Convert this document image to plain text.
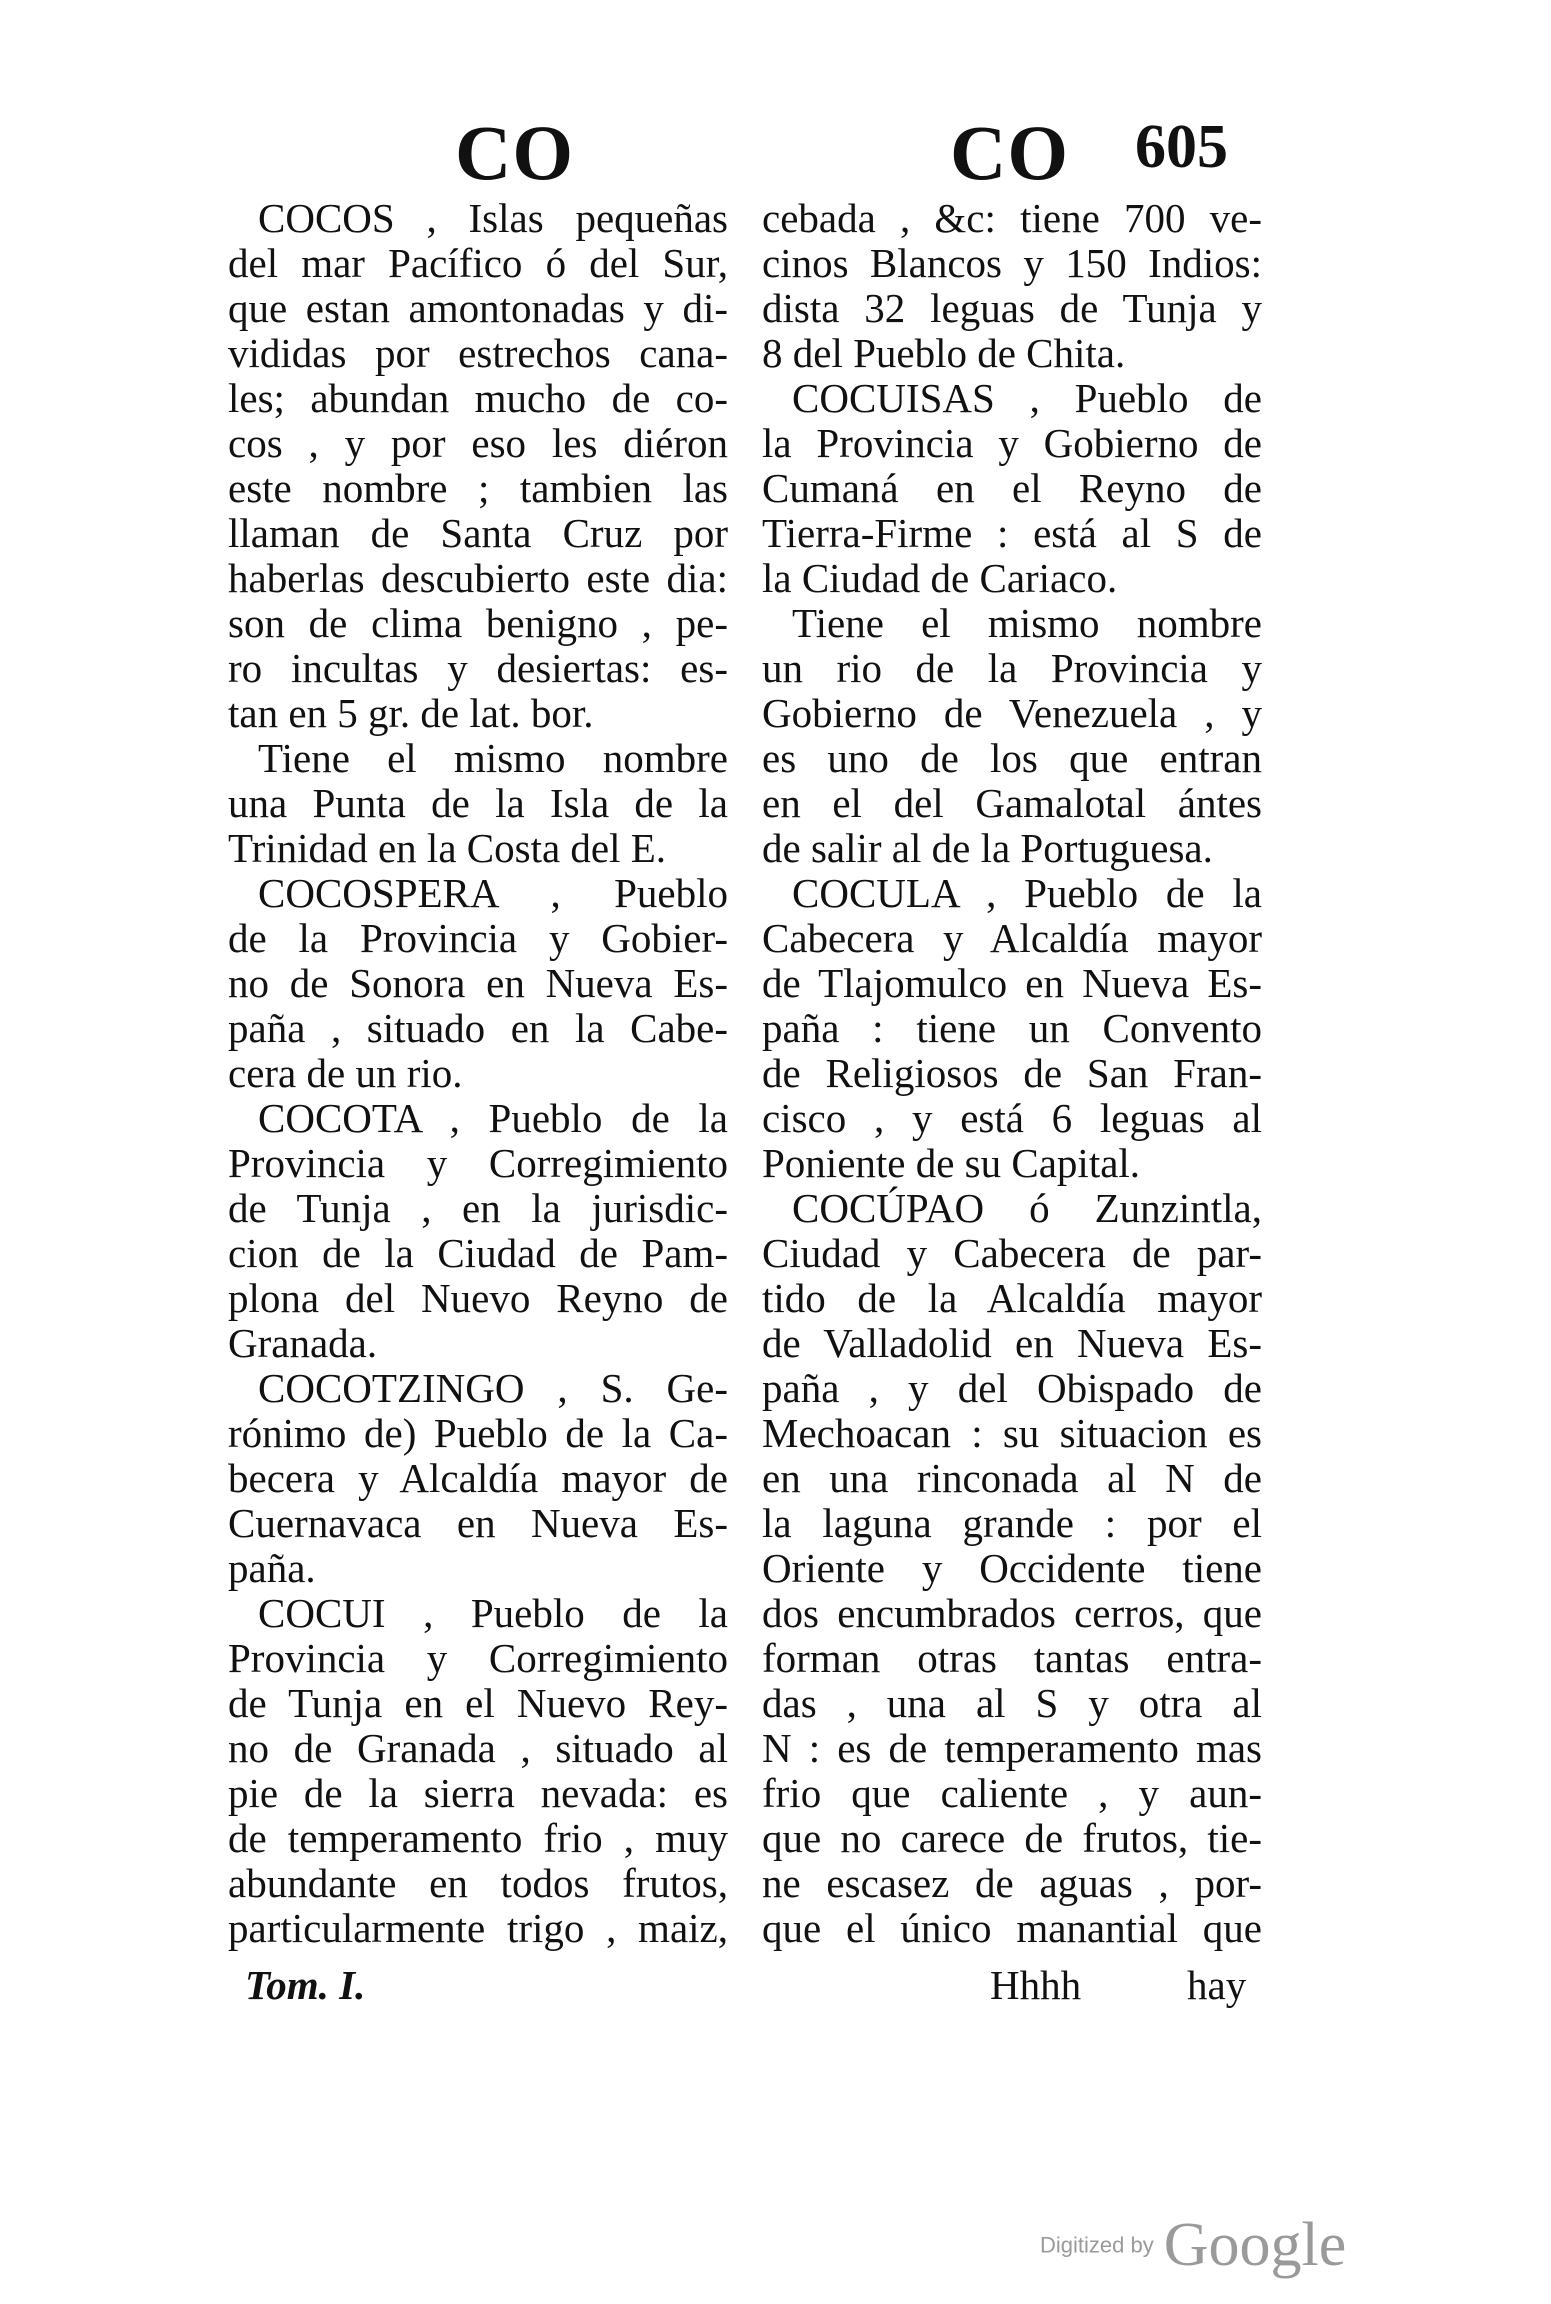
CO	CO 605
COCOS , Islas pequeñas
del mar Pacífico ó del Sur,
que estan amontonadas y di-
vididas por estrechos cana-
les; abundan mucho de co-
cos , y por eso les diéron
este nombre ; tambien las
llaman de Santa Cruz por
haberlas descubierto este dia:
son de clima benigno , pe-
ro incultas y desiertas: es-
tan en 5 gr. de lat. bor.
Tiene el mismo nombre
una Punta de la Isla de la
Trinidad en la Costa del E.
COCOSPERA , Pueblo
de la Provincia y Gobier-
no de Sonora en Nueva Es-
paña , situado en la Cabe-
cera de un rio.
COCOTA , Pueblo de la
Provincia y Corregimiento
de Tunja , en la jurisdic-
cion de la Ciudad de Pam-
plona del Nuevo Reyno de
Granada.
COCOTZINGO , S. Ge-
rónimo de) Pueblo de la Ca-
becera y Alcaldía mayor de
Cuernavaca en Nueva Es-
paña.
COCUI , Pueblo de la
Provincia y Corregimiento
de Tunja en el Nuevo Rey-
no de Granada , situado al
pie de la sierra nevada: es
de temperamento frio , muy
abundante en todos frutos,
particularmente trigo , maiz,
cebada , &c: tiene 700 ve-
cinos Blancos y 150 Indios:
dista 32 leguas de Tunja y
8 del Pueblo de Chita.
COCUISAS , Pueblo de
la Provincia y Gobierno de
Cumaná en el Reyno de
Tierra-Firme : está al S de
la Ciudad de Cariaco.
Tiene el mismo nombre
un rio de la Provincia y
Gobierno de Venezuela , y
es uno de los que entran
en el del Gamalotal ántes
de salir al de la Portuguesa.
COCULA , Pueblo de la
Cabecera y Alcaldía mayor
de Tlajomulco en Nueva Es-
paña : tiene un Convento
de Religiosos de San Fran-
cisco , y está 6 leguas al
Poniente de su Capital.
COCÚPAO ó Zunzintla,
Ciudad y Cabecera de par-
tido de la Alcaldía mayor
de Valladolid en Nueva Es-
paña , y del Obispado de
Mechoacan : su situacion es
en una rinconada al N de
la laguna grande : por el
Oriente y Occidente tiene
dos encumbrados cerros, que
forman otras tantas entra-
das , una al S y otra al
N : es de temperamento mas
frio que caliente , y aun-
que no carece de frutos, tie-
ne escasez de aguas , por-
que el único manantial que
Tom. I.	Hhhh	hay
Digitized by Google
